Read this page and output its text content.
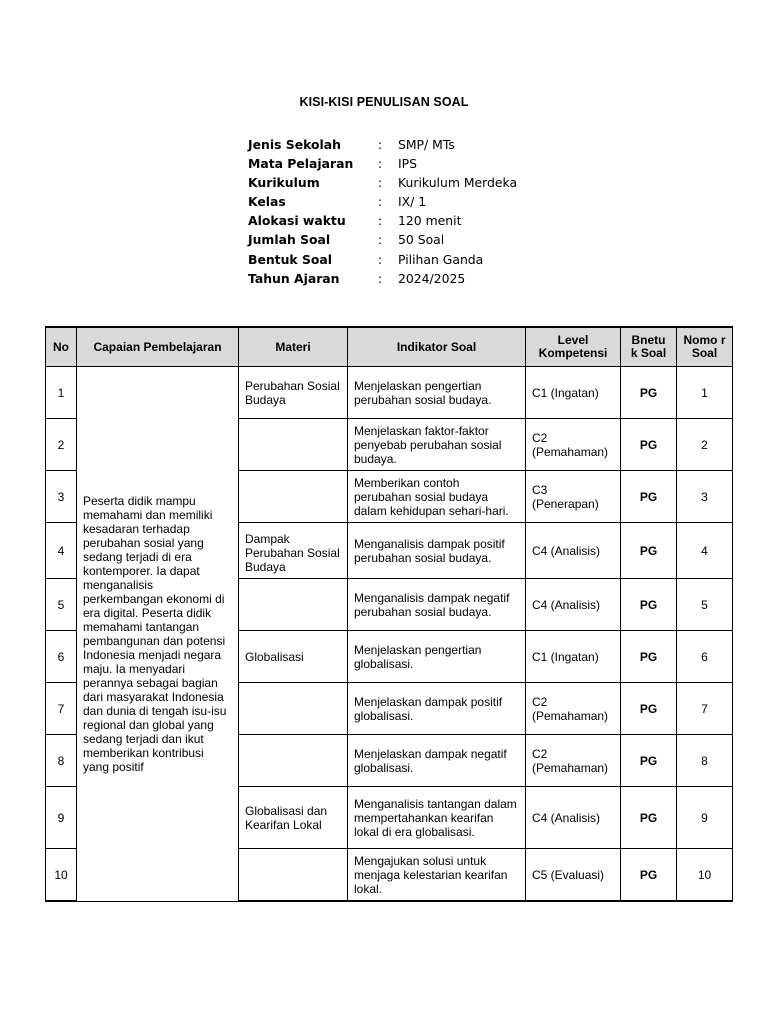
KISI-KISI PENULISAN SOAL
Jenis Sekolah	: SMP/ MTs
Mata Pelajaran : IPS
Kurikulum	: Kurikulum Merdeka
Kelas	: IX/ 1
Alokasi waktu	: 120 menit
Jumlah Soal	: 50 Soal
Bentuk Soal	: Pilihan Ganda
Tahun Ajaran	: 2024/2025
No	Capaian Pembelajaran	Materi	Indikator Soal	Level Kompetensi	Bnetu k Soal	Nomo r Soal
1	Peserta didik mampu memahami dan memiliki kesadaran terhadap perubahan sosial yang sedang terjadi di era kontemporer. Ia dapat menganalisis perkembangan ekonomi di era digital. Peserta didik memahami tantangan pembangunan dan potensi Indonesia menjadi negara maju. Ia menyadari perannya sebagai bagian dari masyarakat Indonesia dan dunia di tengah isu-isu regional dan global yang sedang terjadi dan ikut memberikan kontribusi yang positif	Perubahan Sosial Budaya	Menjelaskan pengertian perubahan sosial budaya.	C1 (Ingatan)	PG	1
2			Menjelaskan faktor-faktor penyebab perubahan sosial budaya.	C2 (Pemahaman)	PG	2
3			Memberikan contoh perubahan sosial budaya dalam kehidupan sehari-hari.	C3 (Penerapan)	PG	3
4		Dampak Perubahan Sosial Budaya	Menganalisis dampak positif perubahan sosial budaya.	C4 (Analisis)	PG	4
5			Menganalisis dampak negatif perubahan sosial budaya.	C4 (Analisis)	PG	5
6		Globalisasi	Menjelaskan pengertian globalisasi.	C1 (Ingatan)	PG	6
7			Menjelaskan dampak positif globalisasi.	C2 (Pemahaman)	PG	7
8			Menjelaskan dampak negatif globalisasi.	C2 (Pemahaman)	PG	8
9		Globalisasi dan Kearifan Lokal	Menganalisis tantangan dalam mempertahankan kearifan lokal di era globalisasi.	C4 (Analisis)	PG	9
10			Mengajukan solusi untuk menjaga kelestarian kearifan lokal.	C5 (Evaluasi)	PG	10
